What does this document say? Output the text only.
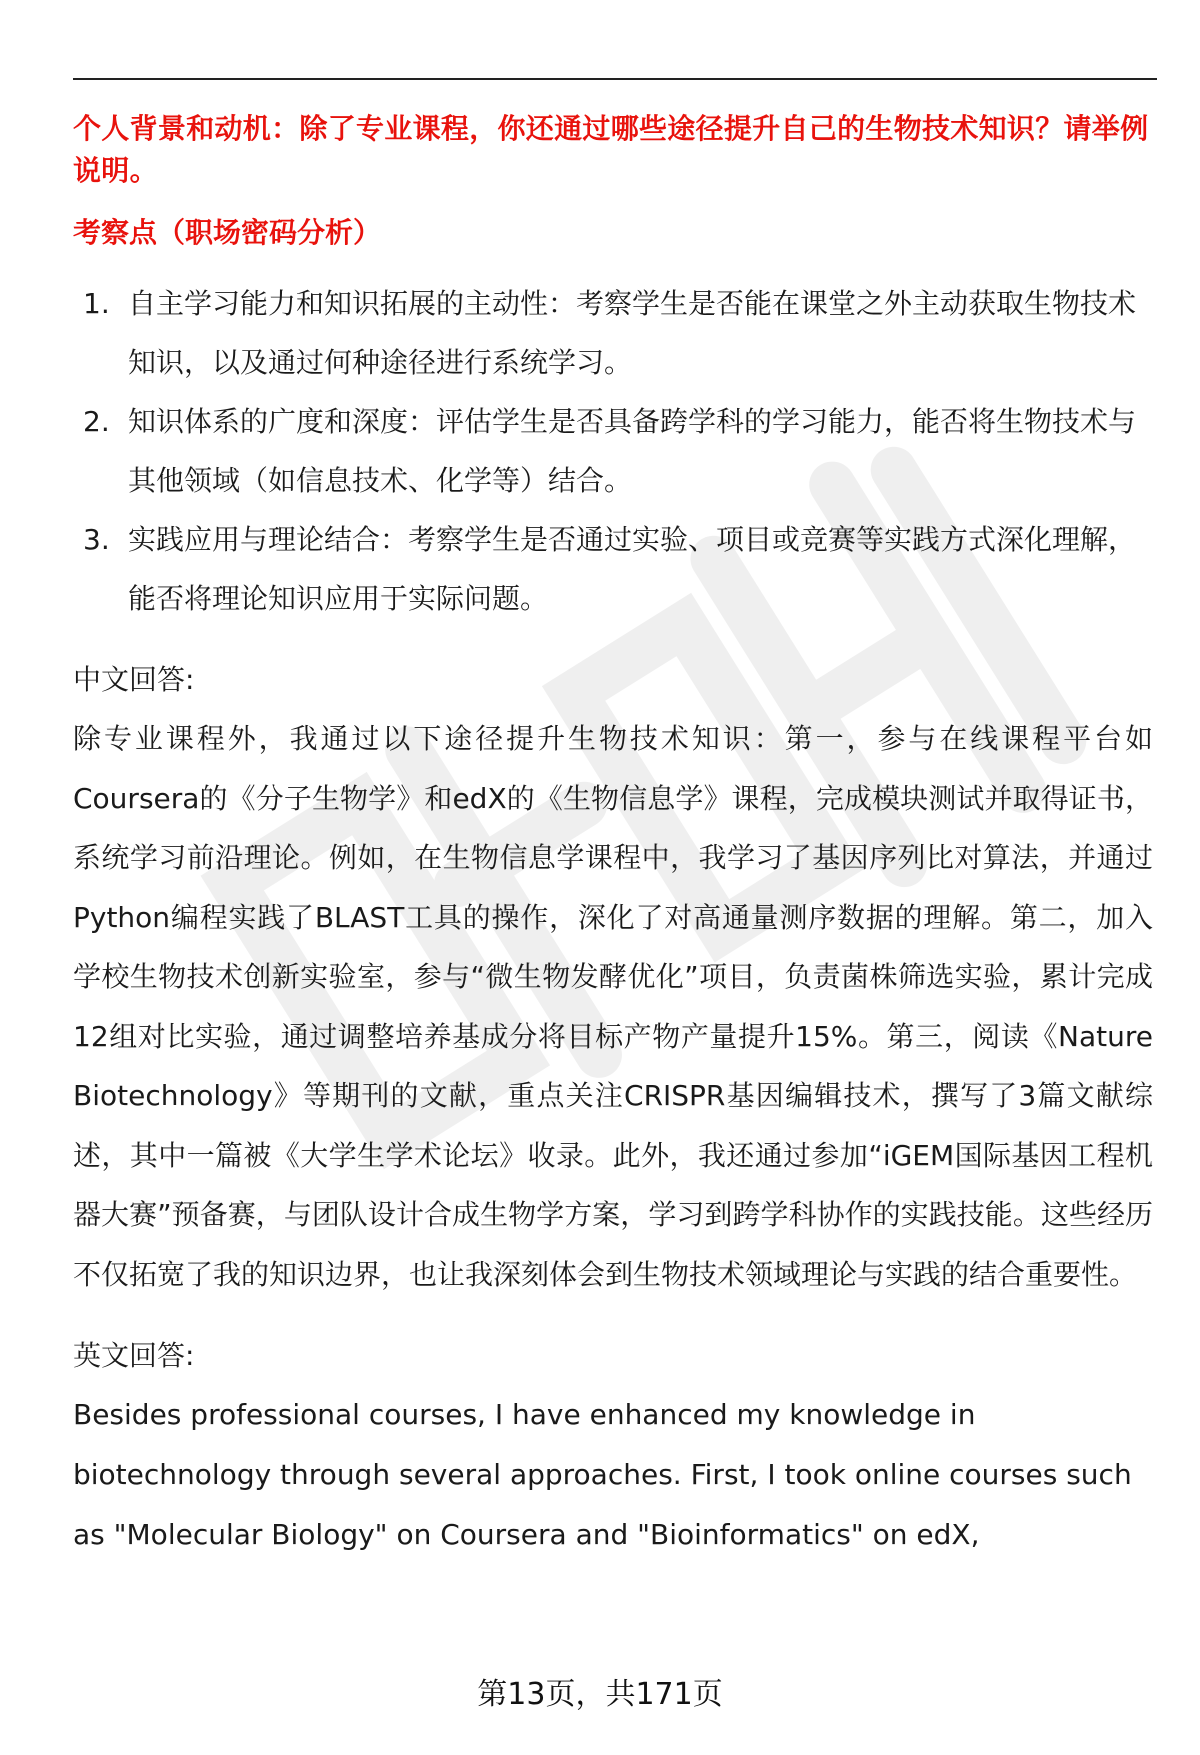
个人背景和动机：除了专业课程，你还通过哪些途径提升自己的生物技术知识？请举例说明。

考察点（职场密码分析）

1. 自主学习能力和知识拓展的主动性：考察学生是否能在课堂之外主动获取生物技术知识，以及通过何种途径进行系统学习。
2. 知识体系的广度和深度：评估学生是否具备跨学科的学习能力，能否将生物技术与其他领域（如信息技术、化学等）结合。
3. 实践应用与理论结合：考察学生是否通过实验、项目或竞赛等实践方式深化理解，能否将理论知识应用于实际问题。

中文回答:

除专业课程外，我通过以下途径提升生物技术知识：第一，参与在线课程平台如Coursera的《分子生物学》和edX的《生物信息学》课程，完成模块测试并取得证书，系统学习前沿理论。例如，在生物信息学课程中，我学习了基因序列比对算法，并通过Python编程实践了BLAST工具的操作，深化了对高通量测序数据的理解。第二，加入学校生物技术创新实验室，参与“微生物发酵优化”项目，负责菌株筛选实验，累计完成12组对比实验，通过调整培养基成分将目标产物产量提升15%。第三，阅读《Nature Biotechnology》等期刊的文献，重点关注CRISPR基因编辑技术，撰写了3篇文献综述，其中一篇被《大学生学术论坛》收录。此外，我还通过参加“iGEM国际基因工程机器大赛”预备赛，与团队设计合成生物学方案，学习到跨学科协作的实践技能。这些经历不仅拓宽了我的知识边界，也让我深刻体会到生物技术领域理论与实践的结合重要性。

英文回答:

Besides professional courses, I have enhanced my knowledge in biotechnology through several approaches. First, I took online courses such as "Molecular Biology" on Coursera and "Bioinformatics" on edX,

第13页，共171页
